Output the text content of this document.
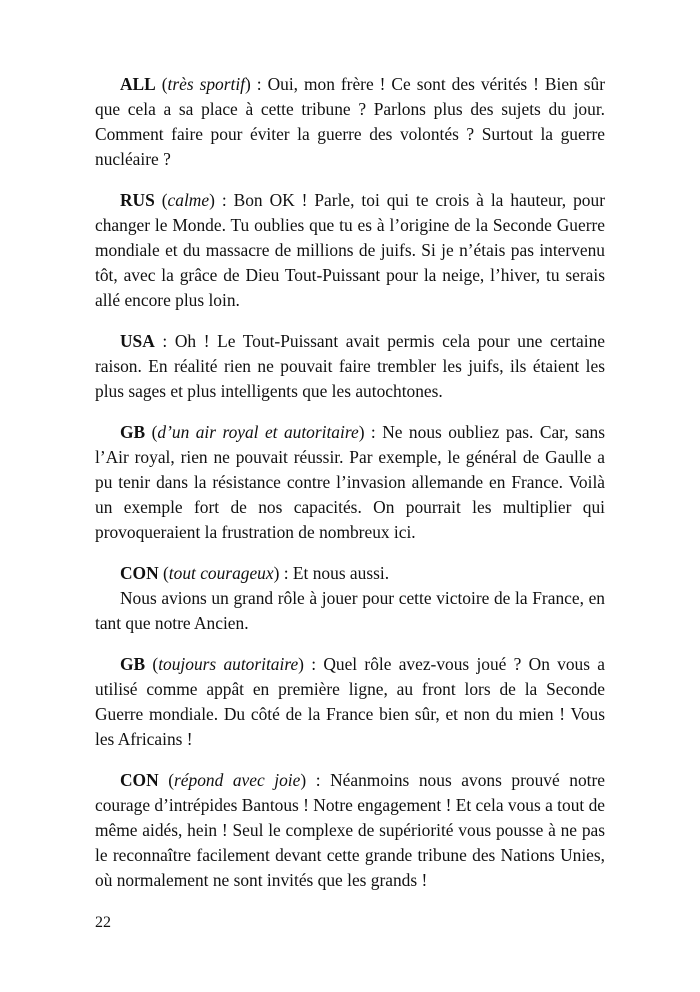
ALL (très sportif) : Oui, mon frère ! Ce sont des vérités ! Bien sûr que cela a sa place à cette tribune ? Parlons plus des sujets du jour. Comment faire pour éviter la guerre des volontés ? Surtout la guerre nucléaire ?

RUS (calme) : Bon OK ! Parle, toi qui te crois à la hauteur, pour changer le Monde. Tu oublies que tu es à l’origine de la Seconde Guerre mondiale et du massacre de millions de juifs. Si je n’étais pas intervenu tôt, avec la grâce de Dieu Tout-Puissant pour la neige, l’hiver, tu serais allé encore plus loin.

USA : Oh ! Le Tout-Puissant avait permis cela pour une certaine raison. En réalité rien ne pouvait faire trembler les juifs, ils étaient les plus sages et plus intelligents que les autochtones.

GB (d’un air royal et autoritaire) : Ne nous oubliez pas. Car, sans l’Air royal, rien ne pouvait réussir. Par exemple, le général de Gaulle a pu tenir dans la résistance contre l’invasion allemande en France. Voilà un exemple fort de nos capacités. On pourrait les multiplier qui provoqueraient la frustration de nombreux ici.

CON (tout courageux) : Et nous aussi.

Nous avions un grand rôle à jouer pour cette victoire de la France, en tant que notre Ancien.

GB (toujours autoritaire) : Quel rôle avez-vous joué ? On vous a utilisé comme appât en première ligne, au front lors de la Seconde Guerre mondiale. Du côté de la France bien sûr, et non du mien ! Vous les Africains !

CON (répond avec joie) : Néanmoins nous avons prouvé notre courage d’intrépides Bantous ! Notre engagement ! Et cela vous a tout de même aidés, hein ! Seul le complexe de supériorité vous pousse à ne pas le reconnaître facilement devant cette grande tribune des Nations Unies, où normalement ne sont invités que les grands !

22
